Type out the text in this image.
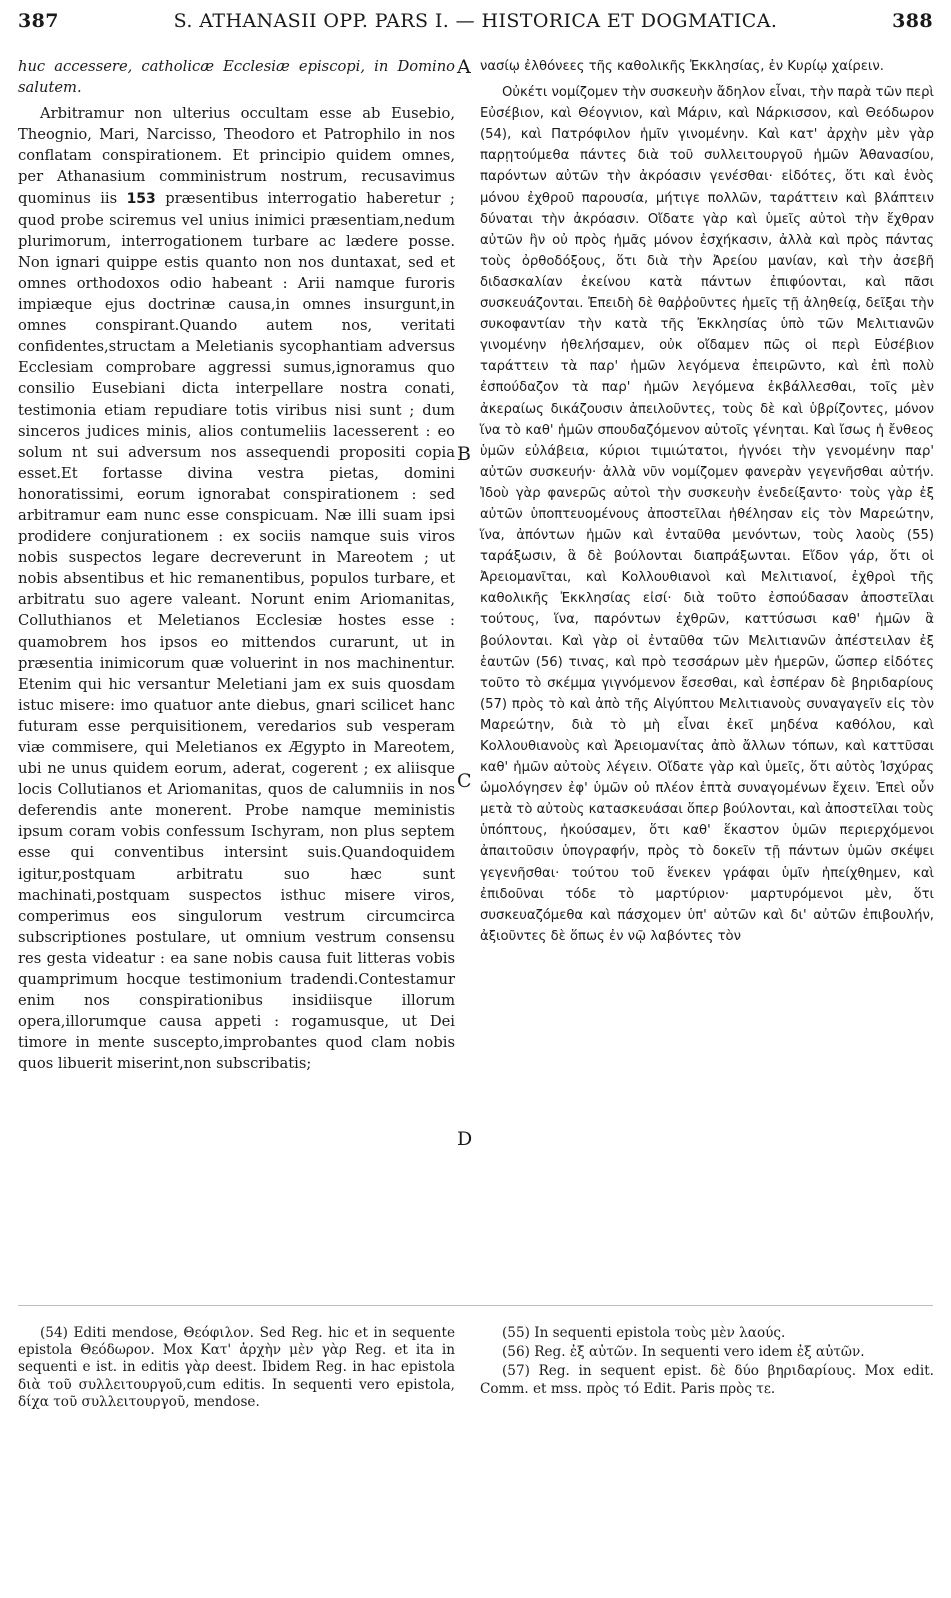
387	S. ATHANASII OPP. PARS I. — HISTORICA ET DOGMATICA.	388

huc accessere, catholicæ Ecclesiæ episcopi, in Domino salutem.

Arbitramur non ulterius occultam esse ab Eusebio, Theognio, Mari, Narcisso, Theodoro et Patrophilo in nos conflatam conspirationem. Et principio quidem omnes, per Athanasium comministrum nostrum, recusavimus quominus iis 153 præsentibus interrogatio haberetur ; quod probe sciremus vel unius inimici præsentiam,nedum plurimorum, interrogationem turbare ac lædere posse. Non ignari quippe estis quanto non nos duntaxat, sed et omnes orthodoxos odio habeant : Arii namque furoris impiæque ejus doctrinæ causa,in omnes insurgunt,in omnes conspirant.Quando autem nos, veritati confidentes,structam a Meletianis sycophantiam adversus Ecclesiam comprobare aggressi sumus,ignoramus quo consilio Eusebiani dicta interpellare nostra conati, testimonia etiam repudiare totis viribus nisi sunt ; dum sinceros judices minis, alios contumeliis lacesserent : eo solum nt sui adversum nos assequendi propositi copia esset.Et fortasse divina vestra pietas, domini honoratissimi, eorum ignorabat conspirationem : sed arbitramur eam nunc esse conspicuam. Næ illi suam ipsi prodidere conjurationem : ex sociis namque suis viros nobis suspectos legare decreverunt in Mareotem ; ut nobis absentibus et hic remanentibus, populos turbare, et arbitratu suo agere valeant. Norunt enim Ariomanitas, Colluthianos et Meletianos Ecclesiæ hostes esse : quamobrem hos ipsos eo mittendos curarunt, ut in præsentia inimicorum quæ voluerint in nos machinentur. Etenim qui hic versantur Meletiani jam ex suis quosdam istuc misere: imo quatuor ante diebus, gnari scilicet hanc futuram esse perquisitionem, veredarios sub vesperam viæ commisere, qui Meletianos ex Ægypto in Mareotem, ubi ne unus quidem eorum, aderat, cogerent ; ex aliisque locis Collutianos et Ariomanitas, quos de calumniis in nos deferendis ante monerent. Probe namque meministis ipsum coram vobis confessum Ischyram, non plus septem esse qui conventibus intersint suis.Quandoquidem igitur,postquam arbitratu suo hæc sunt machinati,postquam suspectos isthuc misere viros, comperimus eos singulorum vestrum circumcirca subscriptiones postulare, ut omnium vestrum consensu res gesta videatur : ea sane nobis causa fuit litteras vobis quamprimum hocque testimonium tradendi.Contestamur enim nos conspirationibus insidiisque illorum opera,illorumque causa appeti : rogamusque, ut Dei timore in mente suscepto,improbantes quod clam nobis quos libuerit miserint,non subscribatis;

A
B
C
D

νασίῳ ἐλθόνεες τῆς καθολικῆς Ἐκκλησίας, ἐν Κυρίῳ χαίρειν.

Οὐκέτι νομίζομεν τὴν συσκευὴν ἄδηλον εἶναι, τὴν παρὰ τῶν περὶ Εὐσέβιον, καὶ Θέογνιον, καὶ Μάριν, καὶ Νάρκισσον, καὶ Θεόδωρον (54), καὶ Πατρόφιλον ἡμῖν γινομένην. Καὶ κατ' ἀρχὴν μὲν γὰρ παρῃτούμεθα πάντες διὰ τοῦ συλλειτουργοῦ ἡμῶν Ἀθανασίου, παρόντων αὐτῶν τὴν ἀκρόασιν γενέσθαι· εἰδότες, ὅτι καὶ ἑνὸς μόνου ἐχθροῦ παρουσία, μήτιγε πολλῶν, ταράττειν καὶ βλάπτειν δύναται τὴν ἀκρόασιν. Οἴδατε γὰρ καὶ ὑμεῖς αὐτοὶ τὴν ἔχθραν αὐτῶν ἣν οὐ πρὸς ἡμᾶς μόνον ἐσχήκασιν, ἀλλὰ καὶ πρὸς πάντας τοὺς ὀρθοδόξους, ὅτι διὰ τὴν Ἀρείου μανίαν, καὶ τὴν ἀσεβῆ διδασκαλίαν ἐκείνου κατὰ πάντων ἐπιφύονται, καὶ πᾶσι συσκευάζονται. Ἐπειδὴ δὲ θαῤῥοῦντες ἡμεῖς τῇ ἀληθείᾳ, δεῖξαι τὴν συκοφαντίαν τὴν κατὰ τῆς Ἐκκλησίας ὑπὸ τῶν Μελιτιανῶν γινομένην ἠθελήσαμεν, οὐκ οἴδαμεν πῶς οἱ περὶ Εὐσέβιον ταράττειν τὰ παρ' ἡμῶν λεγόμενα ἐπειρῶντο, καὶ ἐπὶ πολὺ ἐσπούδαζον τὰ παρ' ἡμῶν λεγόμενα ἐκβάλλεσθαι, τοῖς μὲν ἀκεραίως δικάζουσιν ἀπειλοῦντες, τοὺς δὲ καὶ ὑβρίζοντες, μόνον ἵνα τὸ καθ' ἡμῶν σπουδαζόμενον αὐτοῖς γένηται. Καὶ ἴσως ἡ ἔνθεος ὑμῶν εὐλάβεια, κύριοι τιμιώτατοι, ἠγνόει τὴν γενομένην παρ' αὐτῶν συσκευήν· ἀλλὰ νῦν νομίζομεν φανερὰν γεγενῆσθαι αὐτήν. Ἰδοὺ γὰρ φανερῶς αὐτοὶ τὴν συσκευὴν ἐνεδείξαντο· τοὺς γὰρ ἐξ αὐτῶν ὑποπτευομένους ἀποστεῖλαι ἠθέλησαν εἰς τὸν Μαρεώτην, ἵνα, ἀπόντων ἡμῶν καὶ ἐνταῦθα μενόντων, τοὺς λαοὺς (55) ταράξωσιν, ἃ δὲ βούλονται διαπράξωνται. Εἴδον γάρ, ὅτι οἱ Ἀρειομανῖται, καὶ Κολλουθιανοὶ καὶ Μελιτιανοί, ἐχθροὶ τῆς καθολικῆς Ἐκκλησίας εἰσί· διὰ τοῦτο ἐσπούδασαν ἀποστεῖλαι τούτους, ἵνα, παρόντων ἐχθρῶν, καττύσωσι καθ' ἡμῶν ἃ βούλονται. Καὶ γὰρ οἱ ἐνταῦθα τῶν Μελιτιανῶν ἀπέστειλαν ἐξ ἑαυτῶν (56) τινας, καὶ πρὸ τεσσάρων μὲν ἡμερῶν, ὥσπερ εἰδότες τοῦτο τὸ σκέμμα γιγνόμενον ἔσεσθαι, καὶ ἑσπέραν δὲ βηριδαρίους (57) πρὸς τὸ καὶ ἀπὸ τῆς Αἰγύπτου Μελιτιανοὺς συναγαγεῖν εἰς τὸν Μαρεώτην, διὰ τὸ μὴ εἶναι ἐκεῖ μηδένα καθόλου, καὶ Κολλουθιανοὺς καὶ Ἀρειομανίτας ἀπὸ ἄλλων τόπων, καὶ καττῦσαι καθ' ἡμῶν αὐτοὺς λέγειν. Οἴδατε γὰρ καὶ ὑμεῖς, ὅτι αὐτὸς Ἰσχύρας ὡμολόγησεν ἐφ' ὑμῶν οὐ πλέον ἑπτὰ συναγομένων ἔχειν. Ἐπεὶ οὖν μετὰ τὸ αὐτοὺς κατασκευάσαι ὅπερ βούλονται, καὶ ἀποστεῖλαι τοὺς ὑπόπτους, ἠκούσαμεν, ὅτι καθ' ἕκαστον ὑμῶν περιερχόμενοι ἀπαιτοῦσιν ὑπογραφήν, πρὸς τὸ δοκεῖν τῇ πάντων ὑμῶν σκέψει γεγενῆσθαι· τούτου τοῦ ἕνεκεν γράφαι ὑμῖν ἠπείχθημεν, καὶ ἐπιδοῦναι τόδε τὸ μαρτύριον· μαρτυρόμενοι μὲν, ὅτι συσκευαζόμεθα καὶ πάσχομεν ὑπ' αὐτῶν καὶ δι' αὐτῶν ἐπιβουλήν, ἀξιοῦντες δὲ ὅπως ἐν νῷ λαβόντες τὸν

(54) Editi mendose, Θεόφιλον. Sed Reg. hic et in sequente epistola Θεόδωρον. Mox Κατ' ἀρχὴν μὲν γὰρ Reg. et ita in sequenti e ist. in editis γὰρ deest. Ibidem Reg. in hac epistola διὰ τοῦ συλλειτουργοῦ,cum editis. In sequenti vero epistola, δίχα τοῦ συλλειτουργοῦ, mendose.

(55) In sequenti epistola τοὺς μὲν λαούς.

(56) Reg. ἐξ αὐτῶν. In sequenti vero idem ἐξ αὐτῶν.

(57) Reg. in sequent epist. δὲ δύο βηριδαρίους. Mox edit. Comm. et mss. πρὸς τό Edit. Paris πρὸς τε.
